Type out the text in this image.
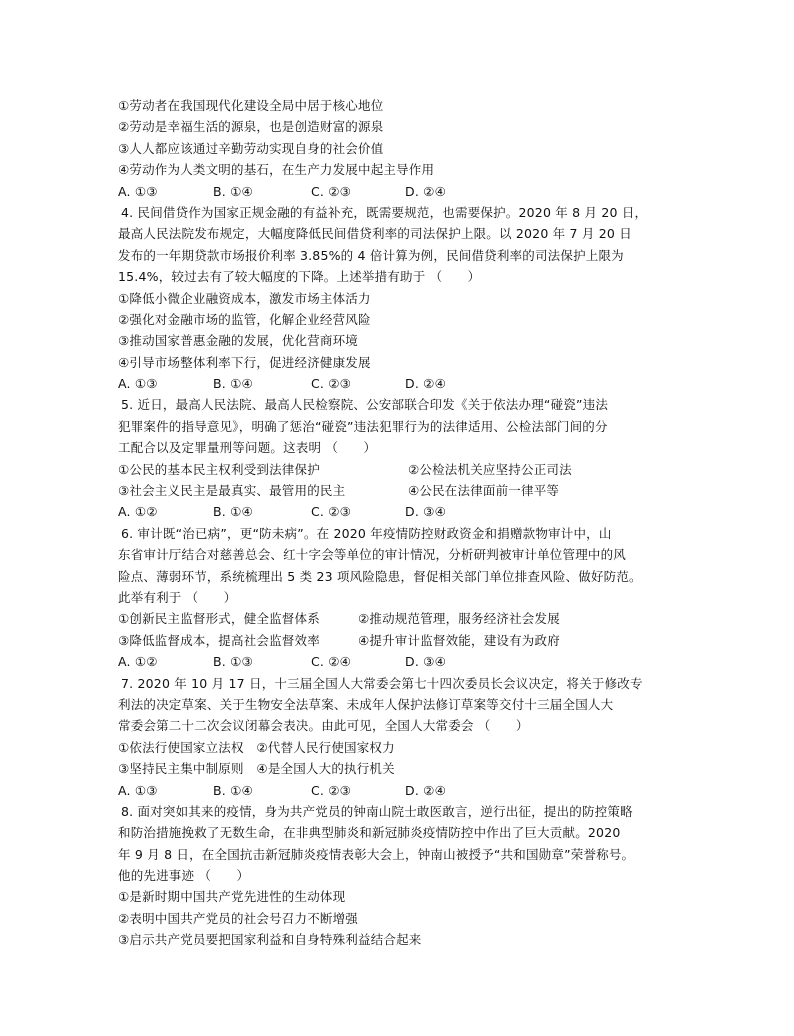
①劳动者在我国现代化建设全局中居于核心地位
②劳动是幸福生活的源泉，也是创造财富的源泉
③人人都应该通过辛勤劳动实现自身的社会价值
④劳动作为人类文明的基石，在生产力发展中起主导作用
A. ①③	B. ①④	C. ②③	D. ②④
4. 民间借贷作为国家正规金融的有益补充，既需要规范，也需要保护。2020 年 8 月 20 日，
最高人民法院发布规定，大幅度降低民间借贷利率的司法保护上限。以 2020 年 7 月 20 日
发布的一年期贷款市场报价利率 3.85%的 4 倍计算为例，民间借贷利率的司法保护上限为
15.4%，较过去有了较大幅度的下降。上述举措有助于 （　　）
①降低小微企业融资成本，激发市场主体活力
②强化对金融市场的监管，化解企业经营风险
③推动国家普惠金融的发展，优化营商环境
④引导市场整体利率下行，促进经济健康发展
A. ①③	B. ①④	C. ②③	D. ②④
5. 近日，最高人民法院、最高人民检察院、公安部联合印发《关于依法办理“碰瓷”违法
犯罪案件的指导意见》，明确了惩治“碰瓷”违法犯罪行为的法律适用、公检法部门间的分
工配合以及定罪量刑等问题。这表明 （　　）
①公民的基本民主权利受到法律保护	②公检法机关应坚持公正司法
③社会主义民主是最真实、最管用的民主	④公民在法律面前一律平等
A. ①②	B. ①④	C. ②③	D. ③④
6. 审计既“治已病”，更“防未病”。在 2020 年疫情防控财政资金和捐赠款物审计中，山
东省审计厅结合对慈善总会、红十字会等单位的审计情况，分析研判被审计单位管理中的风
险点、薄弱环节，系统梳理出 5 类 23 项风险隐患，督促相关部门单位排查风险、做好防范。
此举有利于 （　　）
①创新民主监督形式，健全监督体系	②推动规范管理，服务经济社会发展
③降低监督成本，提高社会监督效率	④提升审计监督效能，建设有为政府
A. ①②	B. ①③	C. ②④	D. ③④
7. 2020 年 10 月 17 日，十三届全国人大常委会第七十四次委员长会议决定，将关于修改专
利法的决定草案、关于生物安全法草案、未成年人保护法修订草案等交付十三届全国人大
常委会第二十二次会议闭幕会表决。由此可见，全国人大常委会 （　　）
①依法行使国家立法权　②代替人民行使国家权力
③坚持民主集中制原则　④是全国人大的执行机关
A. ①③	B. ①④	C. ②③	D. ②④
8. 面对突如其来的疫情，身为共产党员的钟南山院士敢医敢言，逆行出征，提出的防控策略
和防治措施挽救了无数生命，在非典型肺炎和新冠肺炎疫情防控中作出了巨大贡献。2020
年 9 月 8 日，在全国抗击新冠肺炎疫情表彰大会上，钟南山被授予“共和国勋章”荣誉称号。
他的先进事迹 （　　）
①是新时期中国共产党先进性的生动体现
②表明中国共产党员的社会号召力不断增强
③启示共产党员要把国家利益和自身特殊利益结合起来
